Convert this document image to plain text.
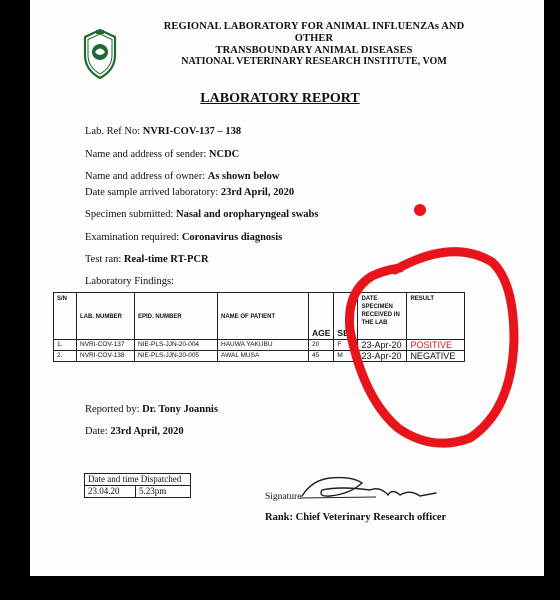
REGIONAL LABORATORY FOR ANIMAL INFLUENZAs AND OTHER
TRANSBOUNDARY ANIMAL DISEASES
NATIONAL VETERINARY RESEARCH INSTITUTE, VOM
LABORATORY REPORT
Lab. Ref No: NVRI-COV-137 – 138
Name and address of sender: NCDC
Name and address of owner: As shown below
Date sample arrived laboratory: 23rd April, 2020
Specimen submitted: Nasal and oropharyngeal swabs
Examination required: Coronavirus diagnosis
Test ran: Real-time RT-PCR
Laboratory Findings:
S/N	LAB. NUMBER	EPID. NUMBER	NAME OF PATIENT	AGE	SEX	DATE SPECIMEN RECEIVED IN THE LAB	RESULT
1.	NVRI-COV-137	NIE-PLS-JJN-20-004	HAUWA YAKUBU	20	F	23-Apr-20	POSITIVE
2.	NVRI-COV-138	NIE-PLS-JJN-20-005	AWAL MUSA	45	M	23-Apr-20	NEGATIVE
Reported by: Dr. Tony Joannis
Date: 23rd April, 2020
Date and time Dispatched
23.04.20	5.23pm
Signature
Rank: Chief Veterinary Research officer
